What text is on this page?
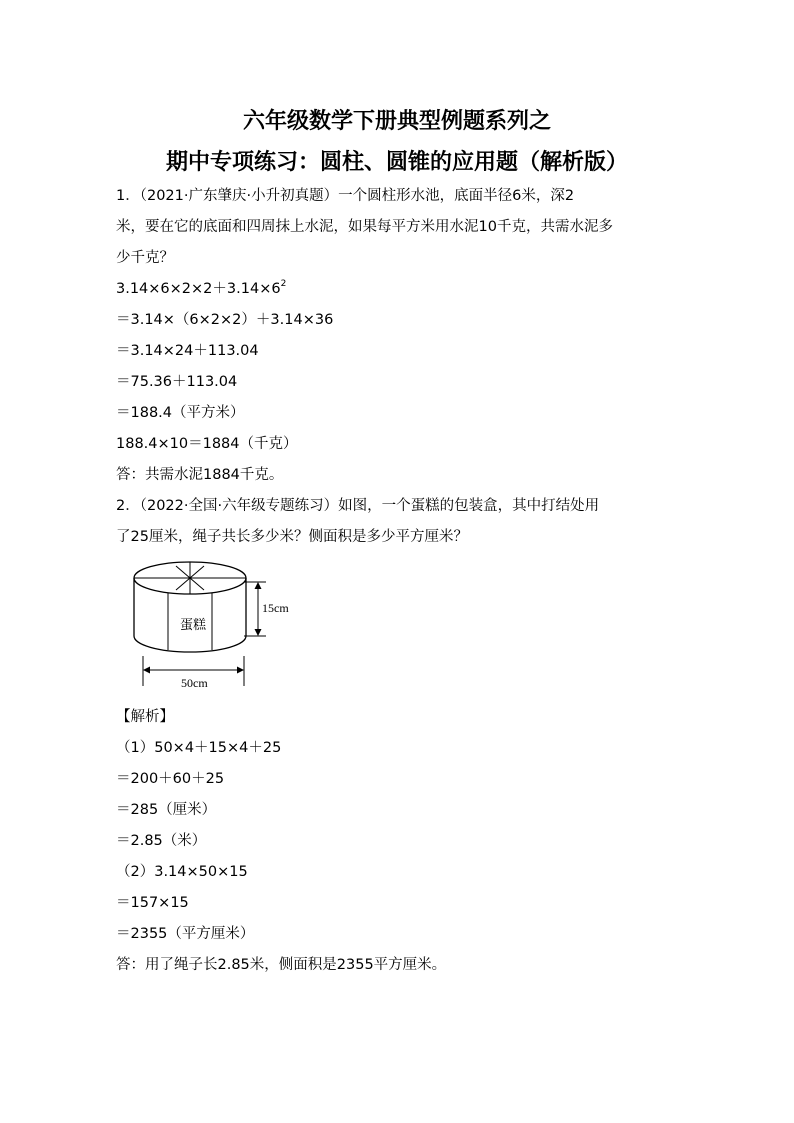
六年级数学下册典型例题系列之
期中专项练习：圆柱、圆锥的应用题（解析版）

1．（2021·广东肇庆·小升初真题）一个圆柱形水池，底面半径6米，深2

米，要在它的底面和四周抹上水泥，如果每平方米用水泥10千克，共需水泥多

少千克？

$3.14\times 6\times 2\times 2+3.14\times 6^2$

＝3.14×（6×2×2）＋3.14×36

＝3.14×24＋113.04

＝75.36＋113.04

＝188.4（平方米）

188.4×10＝1884（千克）

答：共需水泥1884千克。

2．（2022·全国·六年级专题练习）如图，一个蛋糕的包装盒，其中打结处用

了25厘米，绳子共长多少米？侧面积是多少平方厘米？

蛋糕
15cm
50cm

【解析】

（1）50×4＋15×4＋25

＝200＋60＋25

＝285（厘米）

＝2.85（米）

（2）3.14×50×15

＝157×15

＝2355（平方厘米）

答：用了绳子长2.85米，侧面积是2355平方厘米。
